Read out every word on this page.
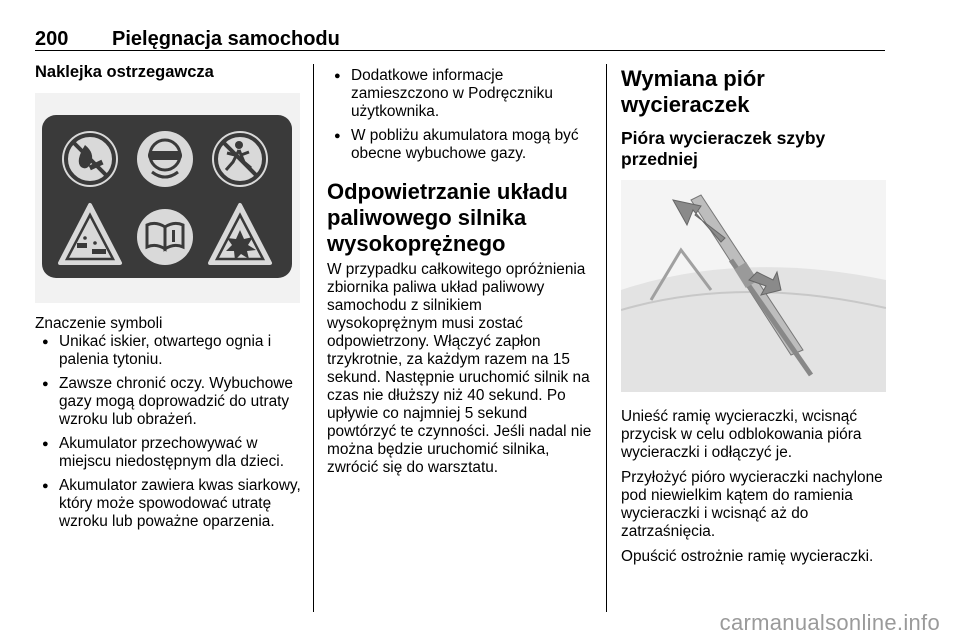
200 Pielęgnacja samochodu

Naklejka ostrzegawcza

Znaczenie symboli

● Unikać iskier, otwartego ognia i palenia tytoniu.
● Zawsze chronić oczy. Wybuchowe gazy mogą doprowadzić do utraty wzroku lub obrażeń.
● Akumulator przechowywać w miejscu niedostępnym dla dzieci.
● Akumulator zawiera kwas siarkowy, który może spowodować utratę wzroku lub poważne oparzenia.
● Dodatkowe informacje zamieszczono w Podręczniku użytkownika.
● W pobliżu akumulatora mogą być obecne wybuchowe gazy.

Odpowietrzanie układu paliwowego silnika wysokoprężnego

W przypadku całkowitego opróżnienia zbiornika paliwa układ paliwowy samochodu z silnikiem wysokoprężnym musi zostać odpowietrzony. Włączyć zapłon trzykrotnie, za każdym razem na 15 sekund. Następnie uruchomić silnik na czas nie dłuższy niż 40 sekund. Po upływie co najmniej 5 sekund powtórzyć te czynności. Jeśli nadal nie można będzie uruchomić silnika, zwrócić się do warsztatu.

Wymiana piór wycieraczek

Pióra wycieraczek szyby przedniej

Unieść ramię wycieraczki, wcisnąć przycisk w celu odblokowania pióra wycieraczki i odłączyć je.

Przyłożyć pióro wycieraczki nachylone pod niewielkim kątem do ramienia wycieraczki i wcisnąć aż do zatrzaśnięcia.

Opuścić ostrożnie ramię wycieraczki.

carmanualsonline.info
